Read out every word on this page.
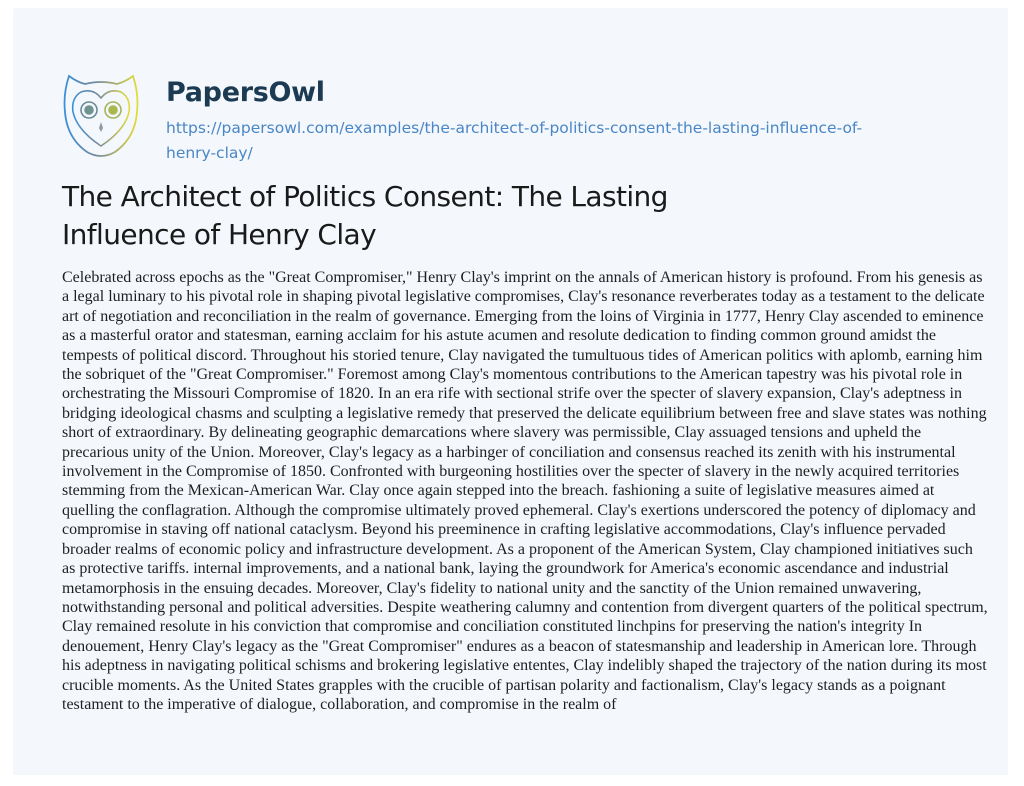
PapersOwl
https://papersowl.com/examples/the-architect-of-politics-consent-the-lasting-influence-of-
henry-clay/
The Architect of Politics Consent: The Lasting
Influence of Henry Clay
Celebrated across epochs as the "Great Compromiser," Henry Clay's imprint on the annals of American history is profound. From his genesis as
a legal luminary to his pivotal role in shaping pivotal legislative compromises, Clay's resonance reverberates today as a testament to the delicate
art of negotiation and reconciliation in the realm of governance. Emerging from the loins of Virginia in 1777, Henry Clay ascended to eminence
as a masterful orator and statesman, earning acclaim for his astute acumen and resolute dedication to finding common ground amidst the
tempests of political discord. Throughout his storied tenure, Clay navigated the tumultuous tides of American politics with aplomb, earning him
the sobriquet of the "Great Compromiser." Foremost among Clay's momentous contributions to the American tapestry was his pivotal role in
orchestrating the Missouri Compromise of 1820. In an era rife with sectional strife over the specter of slavery expansion, Clay's adeptness in
bridging ideological chasms and sculpting a legislative remedy that preserved the delicate equilibrium between free and slave states was nothing
short of extraordinary. By delineating geographic demarcations where slavery was permissible, Clay assuaged tensions and upheld the
precarious unity of the Union. Moreover, Clay's legacy as a harbinger of conciliation and consensus reached its zenith with his instrumental
involvement in the Compromise of 1850. Confronted with burgeoning hostilities over the specter of slavery in the newly acquired territories
stemming from the Mexican-American War. Clay once again stepped into the breach. fashioning a suite of legislative measures aimed at
quelling the conflagration. Although the compromise ultimately proved ephemeral. Clay's exertions underscored the potency of diplomacy and
compromise in staving off national cataclysm. Beyond his preeminence in crafting legislative accommodations, Clay's influence pervaded
broader realms of economic policy and infrastructure development. As a proponent of the American System, Clay championed initiatives such
as protective tariffs. internal improvements, and a national bank, laying the groundwork for America's economic ascendance and industrial
metamorphosis in the ensuing decades. Moreover, Clay's fidelity to national unity and the sanctity of the Union remained unwavering,
notwithstanding personal and political adversities. Despite weathering calumny and contention from divergent quarters of the political spectrum,
Clay remained resolute in his conviction that compromise and conciliation constituted linchpins for preserving the nation's integrity In
denouement, Henry Clay's legacy as the "Great Compromiser" endures as a beacon of statesmanship and leadership in American lore. Through
his adeptness in navigating political schisms and brokering legislative ententes, Clay indelibly shaped the trajectory of the nation during its most
crucible moments. As the United States grapples with the crucible of partisan polarity and factionalism, Clay's legacy stands as a poignant
testament to the imperative of dialogue, collaboration, and compromise in the realm of
